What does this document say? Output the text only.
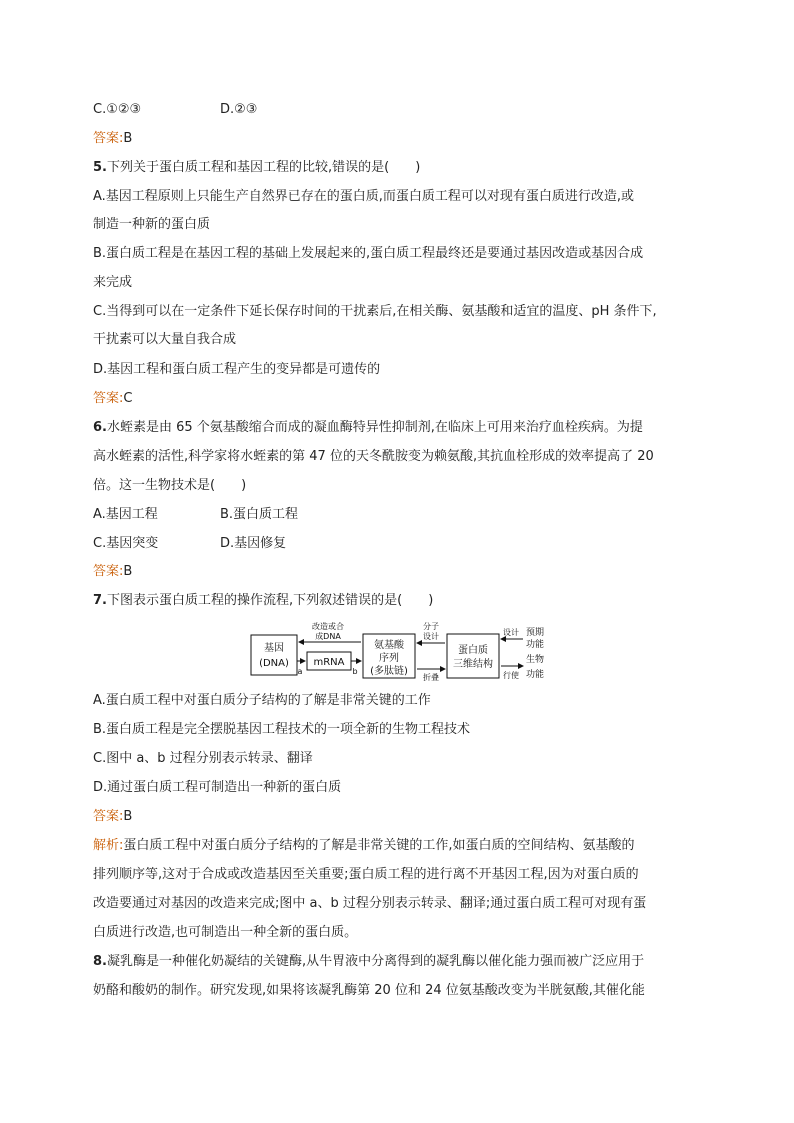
C.①②③	D.②③
答案:B
5.下列关于蛋白质工程和基因工程的比较,错误的是(　　)
A.基因工程原则上只能生产自然界已存在的蛋白质,而蛋白质工程可以对现有蛋白质进行改造,或
制造一种新的蛋白质
B.蛋白质工程是在基因工程的基础上发展起来的,蛋白质工程最终还是要通过基因改造或基因合成
来完成
C.当得到可以在一定条件下延长保存时间的干扰素后,在相关酶、氨基酸和适宜的温度、pH 条件下,
干扰素可以大量自我合成
D.基因工程和蛋白质工程产生的变异都是可遗传的
答案:C
6.水蛭素是由 65 个氨基酸缩合而成的凝血酶特异性抑制剂,在临床上可用来治疗血栓疾病。为提
高水蛭素的活性,科学家将水蛭素的第 47 位的天冬酰胺变为赖氨酸,其抗血栓形成的效率提高了 20
倍。这一生物技术是(　　)
A.基因工程	B.蛋白质工程
C.基因突变	D.基因修复
答案:B
7.下图表示蛋白质工程的操作流程,下列叙述错误的是(　　)
基因
(DNA)
改造或合
成DNA
mRNA
a	b
氨基酸
序列
(多肽链)
分子
设计
折叠
蛋白质
三维结构
设计 预期
功能
生物
行使 功能
A.蛋白质工程中对蛋白质分子结构的了解是非常关键的工作
B.蛋白质工程是完全摆脱基因工程技术的一项全新的生物工程技术
C.图中 a、b 过程分别表示转录、翻译
D.通过蛋白质工程可制造出一种新的蛋白质
答案:B
解析:蛋白质工程中对蛋白质分子结构的了解是非常关键的工作,如蛋白质的空间结构、氨基酸的
排列顺序等,这对于合成或改造基因至关重要;蛋白质工程的进行离不开基因工程,因为对蛋白质的
改造要通过对基因的改造来完成;图中 a、b 过程分别表示转录、翻译;通过蛋白质工程可对现有蛋
白质进行改造,也可制造出一种全新的蛋白质。
8.凝乳酶是一种催化奶凝结的关键酶,从牛胃液中分离得到的凝乳酶以催化能力强而被广泛应用于
奶酪和酸奶的制作。研究发现,如果将该凝乳酶第 20 位和 24 位氨基酸改变为半胱氨酸,其催化能
